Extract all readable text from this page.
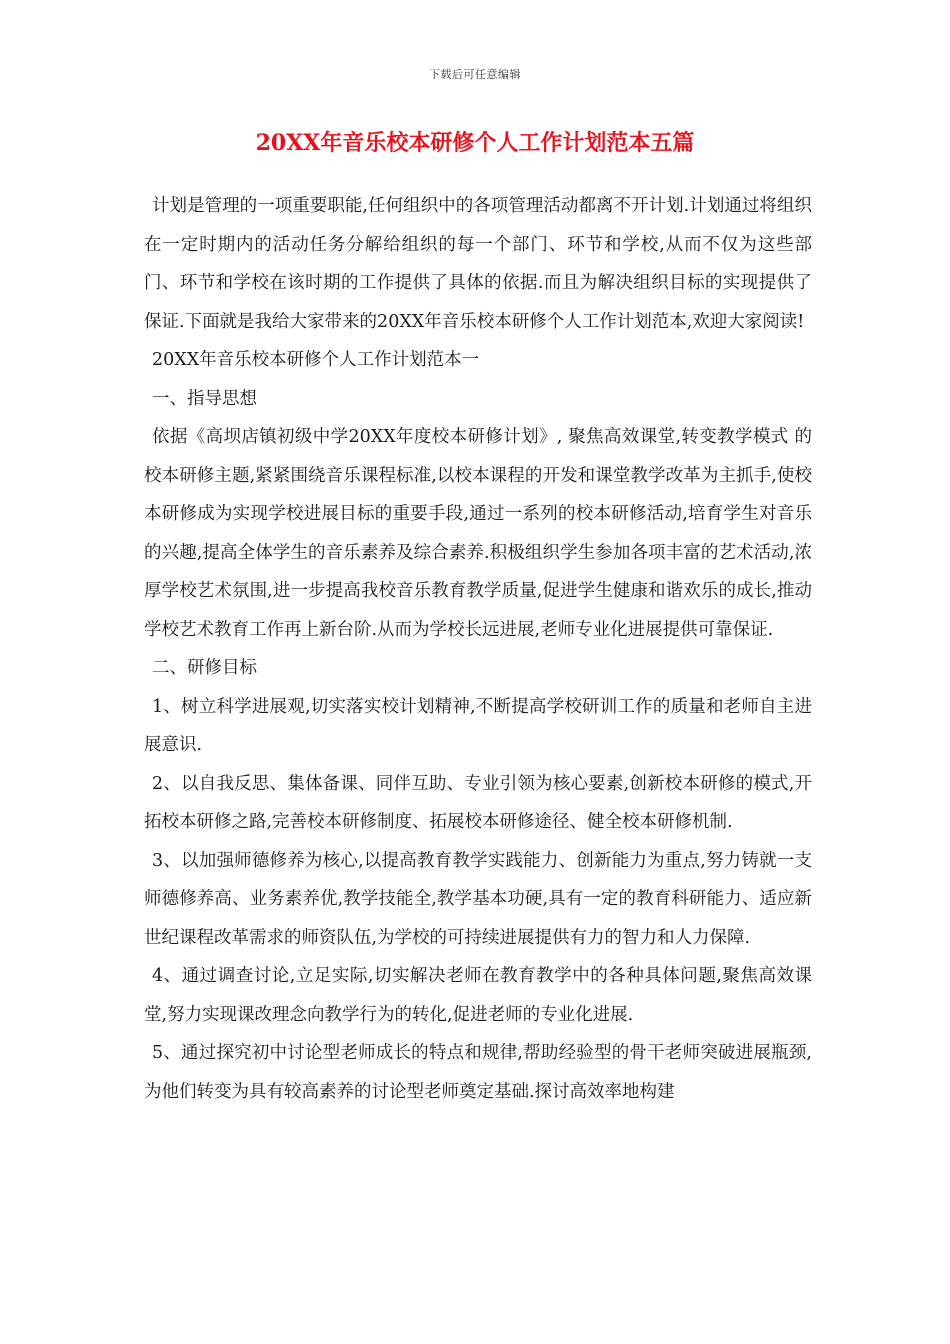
下载后可任意编辑
20XX年音乐校本研修个人工作计划范本五篇

计划是管理的一项重要职能,任何组织中的各项管理活动都离不开计划.计划通过将组织在一定时期内的活动任务分解给组织的每一个部门、环节和学校,从而不仅为这些部门、环节和学校在该时期的工作提供了具体的依据.而且为解决组织目标的实现提供了保证.下面就是我给大家带来的20XX年音乐校本研修个人工作计划范本,欢迎大家阅读!

20XX年音乐校本研修个人工作计划范本一

一、指导思想

依据《高坝店镇初级中学20XX年度校本研修计划》, 聚焦高效课堂,转变教学模式 的校本研修主题,紧紧围绕音乐课程标准,以校本课程的开发和课堂教学改革为主抓手,使校本研修成为实现学校进展目标的重要手段,通过一系列的校本研修活动,培育学生对音乐的兴趣,提高全体学生的音乐素养及综合素养.积极组织学生参加各项丰富的艺术活动,浓厚学校艺术氛围,进一步提高我校音乐教育教学质量,促进学生健康和谐欢乐的成长,推动学校艺术教育工作再上新台阶.从而为学校长远进展,老师专业化进展提供可靠保证.

二、研修目标

1、树立科学进展观,切实落实校计划精神,不断提高学校研训工作的质量和老师自主进展意识.

2、以自我反思、集体备课、同伴互助、专业引领为核心要素,创新校本研修的模式,开拓校本研修之路,完善校本研修制度、拓展校本研修途径、健全校本研修机制.

3、以加强师德修养为核心,以提高教育教学实践能力、创新能力为重点,努力铸就一支师德修养高、业务素养优,教学技能全,教学基本功硬,具有一定的教育科研能力、适应新世纪课程改革需求的师资队伍,为学校的可持续进展提供有力的智力和人力保障.

4、通过调查讨论,立足实际,切实解决老师在教育教学中的各种具体问题,聚焦高效课堂,努力实现课改理念向教学行为的转化,促进老师的专业化进展.

5、通过探究初中讨论型老师成长的特点和规律,帮助经验型的骨干老师突破进展瓶颈,为他们转变为具有较高素养的讨论型老师奠定基础.探讨高效率地构建
